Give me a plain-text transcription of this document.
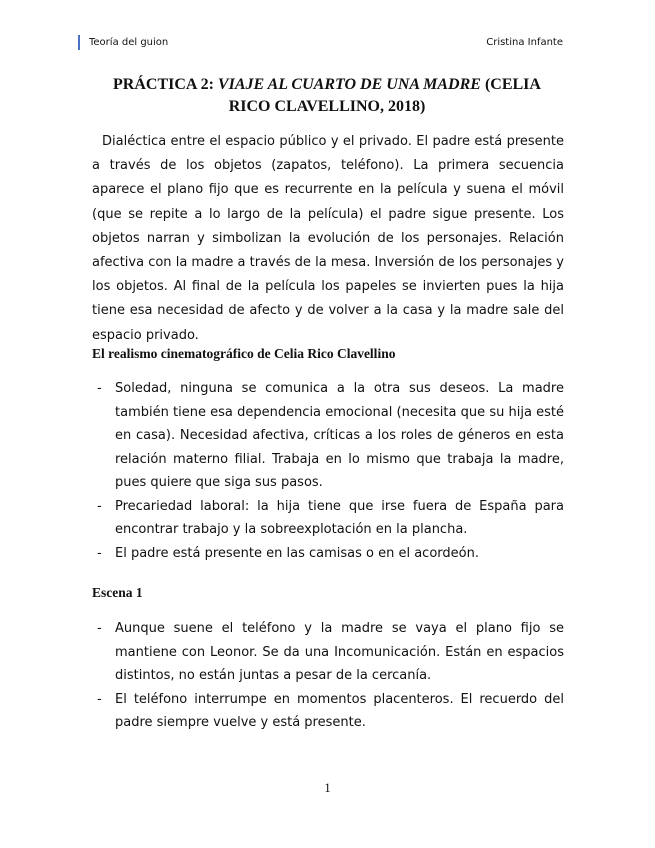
Teoría del guion	Cristina Infante
PRÁCTICA 2: VIAJE AL CUARTO DE UNA MADRE (CELIA RICO CLAVELLINO, 2018)

Dialéctica entre el espacio público y el privado. El padre está presente a través de los objetos (zapatos, teléfono). La primera secuencia aparece el plano fijo que es recurrente en la película y suena el móvil (que se repite a lo largo de la película) el padre sigue presente. Los objetos narran y simbolizan la evolución de los personajes. Relación afectiva con la madre a través de la mesa. Inversión de los personajes y los objetos. Al final de la película los papeles se invierten pues la hija tiene esa necesidad de afecto y de volver a la casa y la madre sale del espacio privado.

El realismo cinematográfico de Celia Rico Clavellino
- Soledad, ninguna se comunica a la otra sus deseos. La madre también tiene esa dependencia emocional (necesita que su hija esté en casa). Necesidad afectiva, críticas a los roles de géneros en esta relación materno filial. Trabaja en lo mismo que trabaja la madre, pues quiere que siga sus pasos.
- Precariedad laboral: la hija tiene que irse fuera de España para encontrar trabajo y la sobreexplotación en la plancha.
- El padre está presente en las camisas o en el acordeón.
Escena 1
- Aunque suene el teléfono y la madre se vaya el plano fijo se mantiene con Leonor. Se da una Incomunicación. Están en espacios distintos, no están juntas a pesar de la cercanía.
- El teléfono interrumpe en momentos placenteros. El recuerdo del padre siempre vuelve y está presente.
1
